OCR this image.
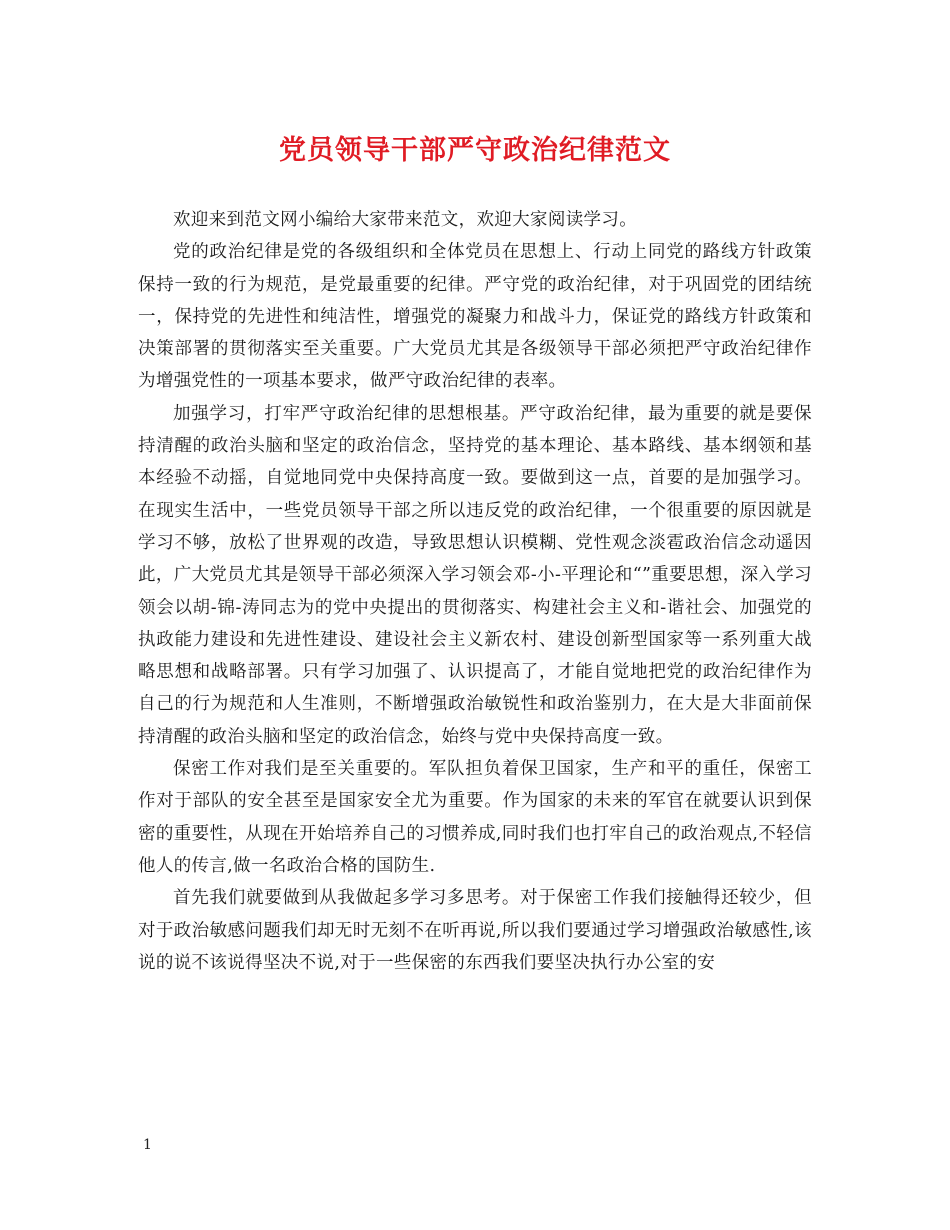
党员领导干部严守政治纪律范文

欢迎来到范文网小编给大家带来范文，欢迎大家阅读学习。

党的政治纪律是党的各级组织和全体党员在思想上、行动上同党的路线方针政策保持一致的行为规范，是党最重要的纪律。严守党的政治纪律，对于巩固党的团结统一，保持党的先进性和纯洁性，增强党的凝聚力和战斗力，保证党的路线方针政策和决策部署的贯彻落实至关重要。广大党员尤其是各级领导干部必须把严守政治纪律作为增强党性的一项基本要求，做严守政治纪律的表率。

加强学习，打牢严守政治纪律的思想根基。严守政治纪律，最为重要的就是要保持清醒的政治头脑和坚定的政治信念，坚持党的基本理论、基本路线、基本纲领和基本经验不动摇，自觉地同党中央保持高度一致。要做到这一点，首要的是加强学习。在现实生活中，一些党员领导干部之所以违反党的政治纪律，一个很重要的原因就是学习不够，放松了世界观的改造，导致思想认识模糊、党性观念淡雹政治信念动遥因此，广大党员尤其是领导干部必须深入学习领会邓-小-平理论和“”重要思想，深入学习领会以胡-锦-涛同志为的党中央提出的贯彻落实、构建社会主义和-谐社会、加强党的执政能力建设和先进性建设、建设社会主义新农村、建设创新型国家等一系列重大战略思想和战略部署。只有学习加强了、认识提高了，才能自觉地把党的政治纪律作为自己的行为规范和人生准则，不断增强政治敏锐性和政治鉴别力，在大是大非面前保持清醒的政治头脑和坚定的政治信念，始终与党中央保持高度一致。

保密工作对我们是至关重要的。军队担负着保卫国家，生产和平的重任，保密工作对于部队的安全甚至是国家安全尤为重要。作为国家的未来的军官在就要认识到保密的重要性，从现在开始培养自己的习惯养成,同时我们也打牢自己的政治观点,不轻信他人的传言,做一名政治合格的国防生.

首先我们就要做到从我做起多学习多思考。对于保密工作我们接触得还较少，但对于政治敏感问题我们却无时无刻不在听再说,所以我们要通过学习增强政治敏感性,该说的说不该说得坚决不说,对于一些保密的东西我们要坚决执行办公室的安

1
